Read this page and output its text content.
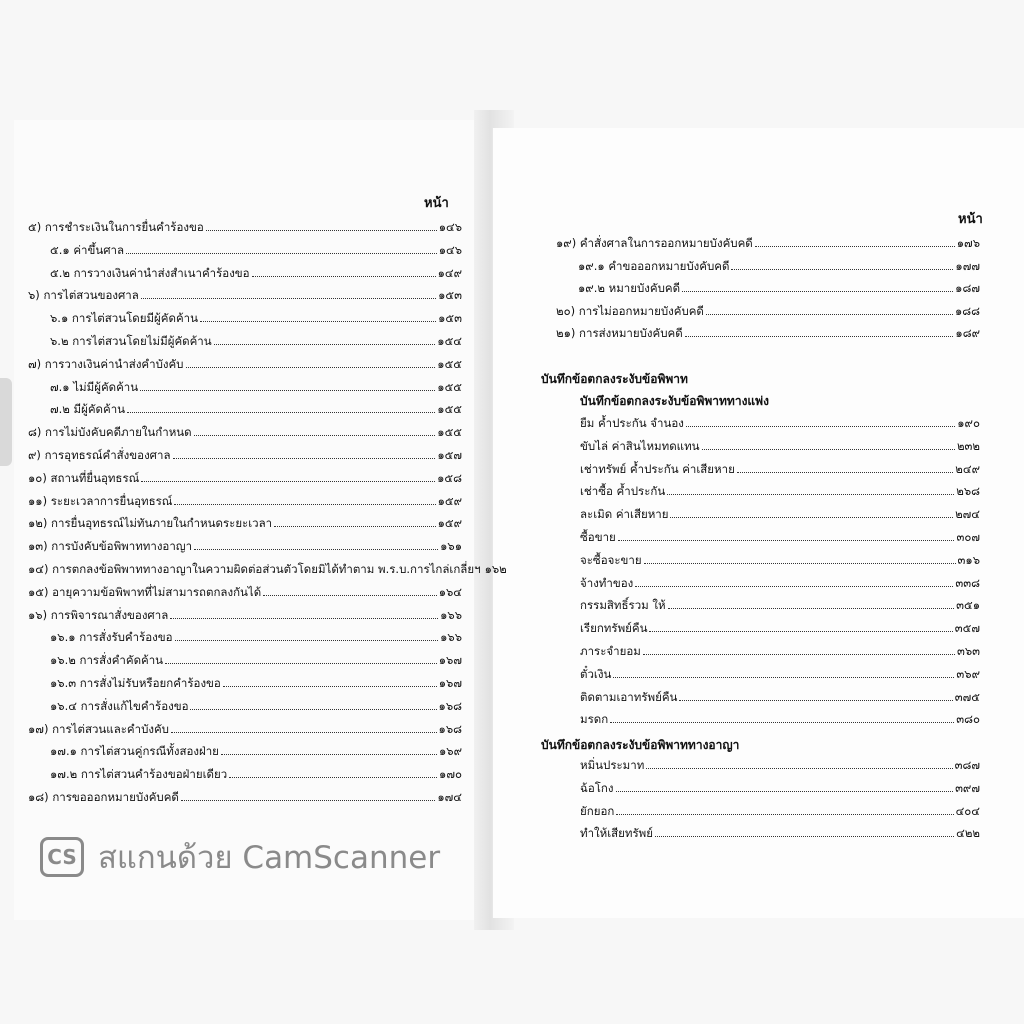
หน้า
๕) การชำระเงินในการยื่นคำร้องขอ	๑๔๖
๕.๑ ค่าขึ้นศาล	๑๔๖
๕.๒ การวางเงินค่านำส่งสำเนาคำร้องขอ	๑๔๙
๖) การไต่สวนของศาล	๑๕๓
๖.๑ การไต่สวนโดยมีผู้คัดค้าน	๑๕๓
๖.๒ การไต่สวนโดยไม่มีผู้คัดค้าน	๑๕๔
๗) การวางเงินค่านำส่งคำบังคับ	๑๕๕
๗.๑ ไม่มีผู้คัดค้าน	๑๕๕
๗.๒ มีผู้คัดค้าน	๑๕๕
๘) การไม่บังคับคดีภายในกำหนด	๑๕๕
๙) การอุทธรณ์คำสั่งของศาล	๑๕๗
๑๐) สถานที่ยื่นอุทธรณ์	๑๕๘
๑๑) ระยะเวลาการยื่นอุทธรณ์	๑๕๙
๑๒) การยื่นอุทธรณ์ไม่ทันภายในกำหนดระยะเวลา	๑๕๙
๑๓) การบังคับข้อพิพาททางอาญา	๑๖๑
๑๔) การตกลงข้อพิพาททางอาญาในความผิดต่อส่วนตัวโดยมิได้ทำตาม พ.ร.บ.การไกล่เกลี่ยฯ ๑๖๒
๑๕) อายุความข้อพิพาทที่ไม่สามารถตกลงกันได้	๑๖๔
๑๖) การพิจารณาสั่งของศาล	๑๖๖
๑๖.๑ การสั่งรับคำร้องขอ	๑๖๖
๑๖.๒ การสั่งคำคัดค้าน	๑๖๗
๑๖.๓ การสั่งไม่รับหรือยกคำร้องขอ	๑๖๗
๑๖.๔ การสั่งแก้ไขคำร้องขอ	๑๖๘
๑๗) การไต่สวนและคำบังคับ	๑๖๘
๑๗.๑ การไต่สวนคู่กรณีทั้งสองฝ่าย	๑๖๙
๑๗.๒ การไต่สวนคำร้องขอฝ่ายเดียว	๑๗๐
๑๘) การขอออกหมายบังคับคดี	๑๗๔
หน้า
๑๙) คำสั่งศาลในการออกหมายบังคับคดี	๑๗๖
๑๙.๑ คำขอออกหมายบังคับคดี	๑๗๗
๑๙.๒ หมายบังคับคดี	๑๘๗
๒๐) การไม่ออกหมายบังคับคดี	๑๘๘
๒๑) การส่งหมายบังคับคดี	๑๘๙
บันทึกข้อตกลงระงับข้อพิพาท
บันทึกข้อตกลงระงับข้อพิพาททางแพ่ง
ยืม ค้ำประกัน จำนอง	๑๙๐
ขับไล่ ค่าสินไหมทดแทน	๒๓๒
เช่าทรัพย์ ค้ำประกัน ค่าเสียหาย	๒๔๙
เช่าซื้อ ค้ำประกัน	๒๖๘
ละเมิด ค่าเสียหาย	๒๗๔
ซื้อขาย	๓๐๗
จะซื้อจะขาย	๓๑๖
จ้างทำของ	๓๓๘
กรรมสิทธิ์รวม ให้	๓๕๑
เรียกทรัพย์คืน	๓๕๗
ภาระจำยอม	๓๖๓
ตั๋วเงิน	๓๖๙
ติดตามเอาทรัพย์คืน	๓๗๕
มรดก	๓๘๐
บันทึกข้อตกลงระงับข้อพิพาททางอาญา
หมิ่นประมาท	๓๘๗
ฉ้อโกง	๓๙๗
ยักยอก	๔๐๔
ทำให้เสียทรัพย์	๔๒๒
CS สแกนด้วย CamScanner
